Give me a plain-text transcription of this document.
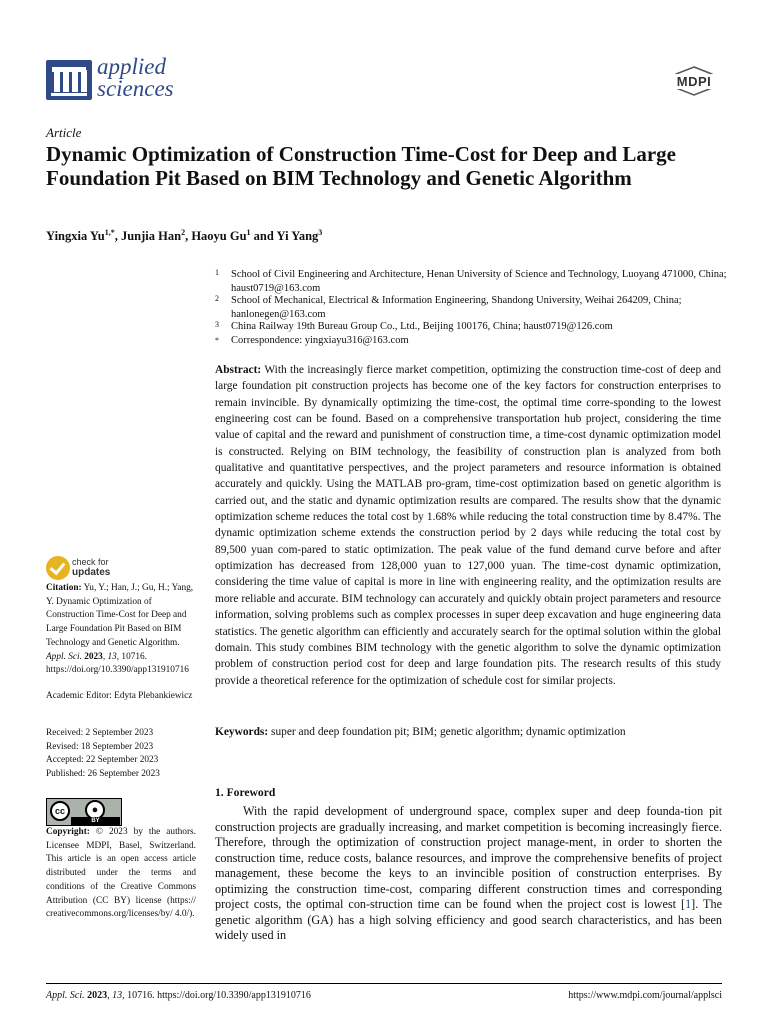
applied
sciences	MDPI
Article
Dynamic Optimization of Construction Time-Cost for Deep and Large Foundation Pit Based on BIM Technology and Genetic Algorithm
Yingxia $Yu^{1,*}$, Junjia Han$^2$, Haoyu Gu$^1$ and Yi Yang$^3$
1 School of Civil Engineering and Architecture, Henan University of Science and Technology, Luoyang 471000, China; haust0719@163.com
2 School of Mechanical, Electrical & Information Engineering, Shandong University, Weihai 264209, China; hanlonegen@163.com
3 China Railway 19th Bureau Group Co., Ltd., Beijing 100176, China; haust0719@126.com
* Correspondence: yingxiayu316@163.com
Abstract: With the increasingly fierce market competition, optimizing the construction time-cost of deep and large foundation pit construction projects has become one of the key factors for construction enterprises to remain invincible. By dynamically optimizing the time-cost, the optimal time corre-sponding to the lowest engineering cost can be found. Based on a comprehensive transportation hub project, considering the time value of capital and the reward and punishment of construction time, a time-cost dynamic optimization model is constructed. Relying on BIM technology, the feasibility of construction plan is analyzed from both qualitative and quantitative perspectives, and the project parameters and resource information is obtained accurately and quickly. Using the MATLAB pro-gram, time-cost optimization based on genetic algorithm is carried out, and the static and dynamic optimization results are compared. The results show that the dynamic optimization scheme reduces the total cost by 1.68% while reducing the total construction time by 8.47%. The dynamic optimization scheme extends the construction period by 2 days while reducing the total cost by 89,500 yuan com-pared to static optimization. The peak value of the fund demand curve before and after optimization has decreased from 128,000 yuan to 127,000 yuan. The time-cost dynamic optimization, considering the time value of capital is more in line with engineering reality, and the optimization results are more reliable and accurate. BIM technology can accurately and quickly obtain project parameters and resource information, solving problems such as complex processes in super deep excavation and huge engineering data statistics. The genetic algorithm can efficiently and accurately search for the optimal solution within the global domain. This study combines BIM technology with the genetic algorithm to solve the dynamic optimization problem of construction period cost for deep and large foundation pits. The research results of this study provide a theoretical reference for the optimization of schedule cost for similar projects.
Keywords: super and deep foundation pit; BIM; genetic algorithm; dynamic optimization
1. Foreword
With the rapid development of underground space, complex super and deep founda-tion pit construction projects are gradually increasing, and market competition is becoming increasingly fierce. Therefore, through the optimization of construction project manage-ment, in order to shorten the construction time, reduce costs, balance resources, and improve the comprehensive benefits of project management, these become the keys to an invincible position of construction enterprises. By optimizing the construction time-cost, comparing different construction times and corresponding project costs, the optimal con-struction time can be found when the project cost is lowest [1]. The genetic algorithm (GA) has a high solving efficiency and good search characteristics, and has been widely used in
check for
updates
Citation: Yu, Y.; Han, J.; Gu, H.; Yang, Y. Dynamic Optimization of Construction Time-Cost for Deep and Large Foundation Pit Based on BIM Technology and Genetic Algorithm. Appl. Sci. 2023, 13, 10716. https://doi.org/10.3390/app131910716
Academic Editor: Edyta Plebankiewicz
Received: 2 September 2023
Revised: 18 September 2023
Accepted: 22 September 2023
Published: 26 September 2023
cc	●
BY
Copyright: © 2023 by the authors. Licensee MDPI, Basel, Switzerland. This article is an open access article distributed under the terms and conditions of the Creative Commons Attribution (CC BY) license (https:// creativecommons.org/licenses/by/ 4.0/).
Appl. Sci. 2023, 13, 10716. https://doi.org/10.3390/app131910716	https://www.mdpi.com/journal/applsci
